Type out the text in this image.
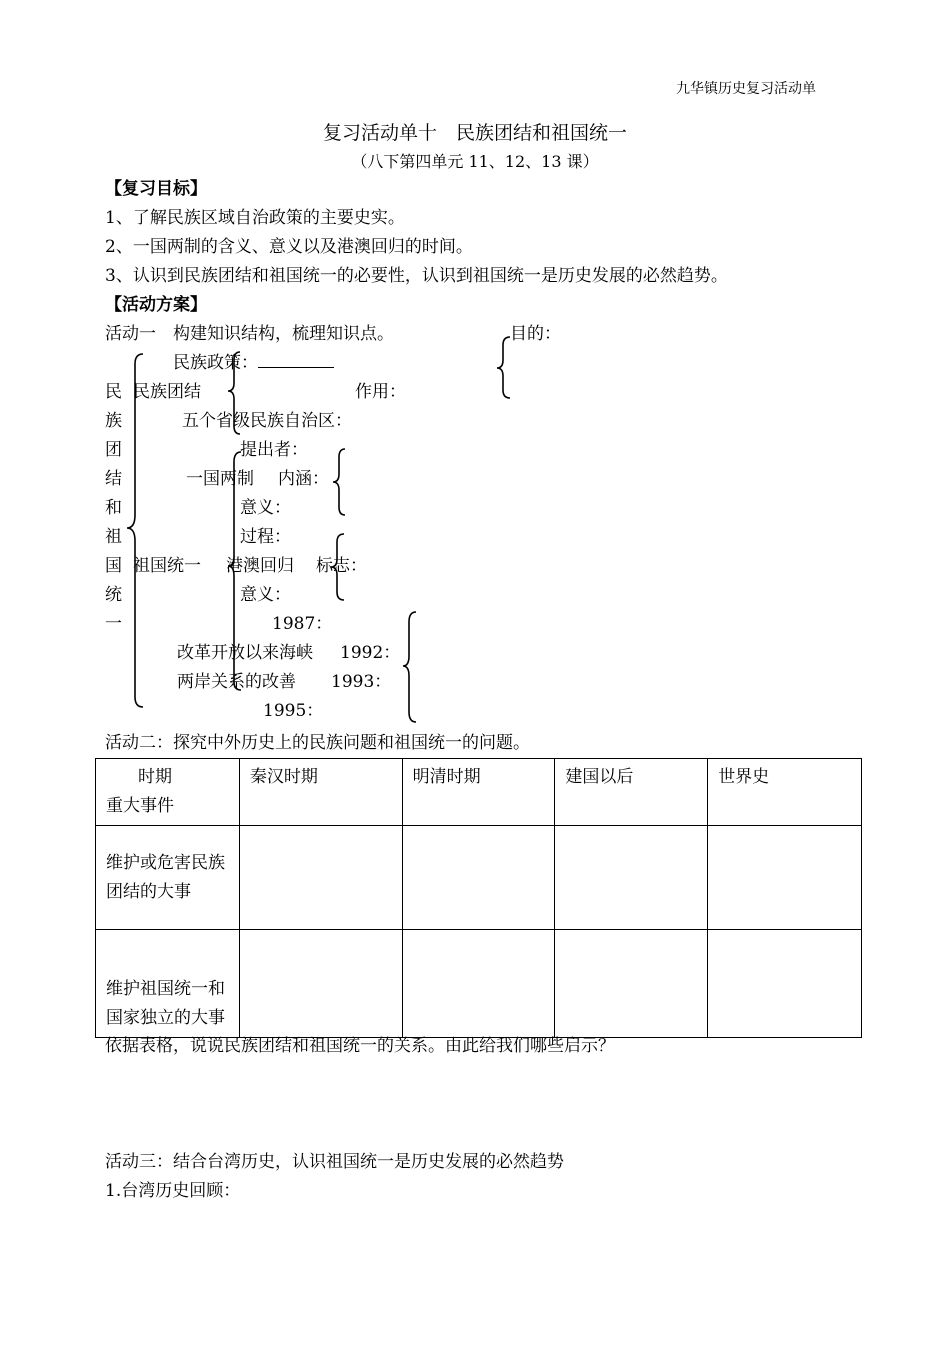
九华镇历史复习活动单
复习活动单十　民族团结和祖国统一
（八下第四单元 11、12、13 课）
【复习目标】
1、了解民族区域自治政策的主要史实。
2、一国两制的含义、意义以及港澳回归的时间。
3、认识到民族团结和祖国统一的必要性，认识到祖国统一是历史发展的必然趋势。
【活动方案】
活动一　构建知识结构，梳理知识点。	目的：
民
族
团
结
和
祖
国
统
一
民族政策：
民族团结	作用：
五个省级民族自治区：
提出者：
一国两制 内涵：
意义：
过程：
祖国统一 港澳回归 标志：
意义：
1987：
改革开放以来海峡 1992：
两岸关系的改善 1993：
1995：
活动二：探究中外历史上的民族问题和祖国统一的问题。
时期
重大事件	秦汉时期	明清时期	建国以后	世界史
维护或危害民族团结的大事				
维护祖国统一和国家独立的大事				
依据表格，说说民族团结和祖国统一的关系。由此给我们哪些启示？
活动三：结合台湾历史，认识祖国统一是历史发展的必然趋势
1.台湾历史回顾：
